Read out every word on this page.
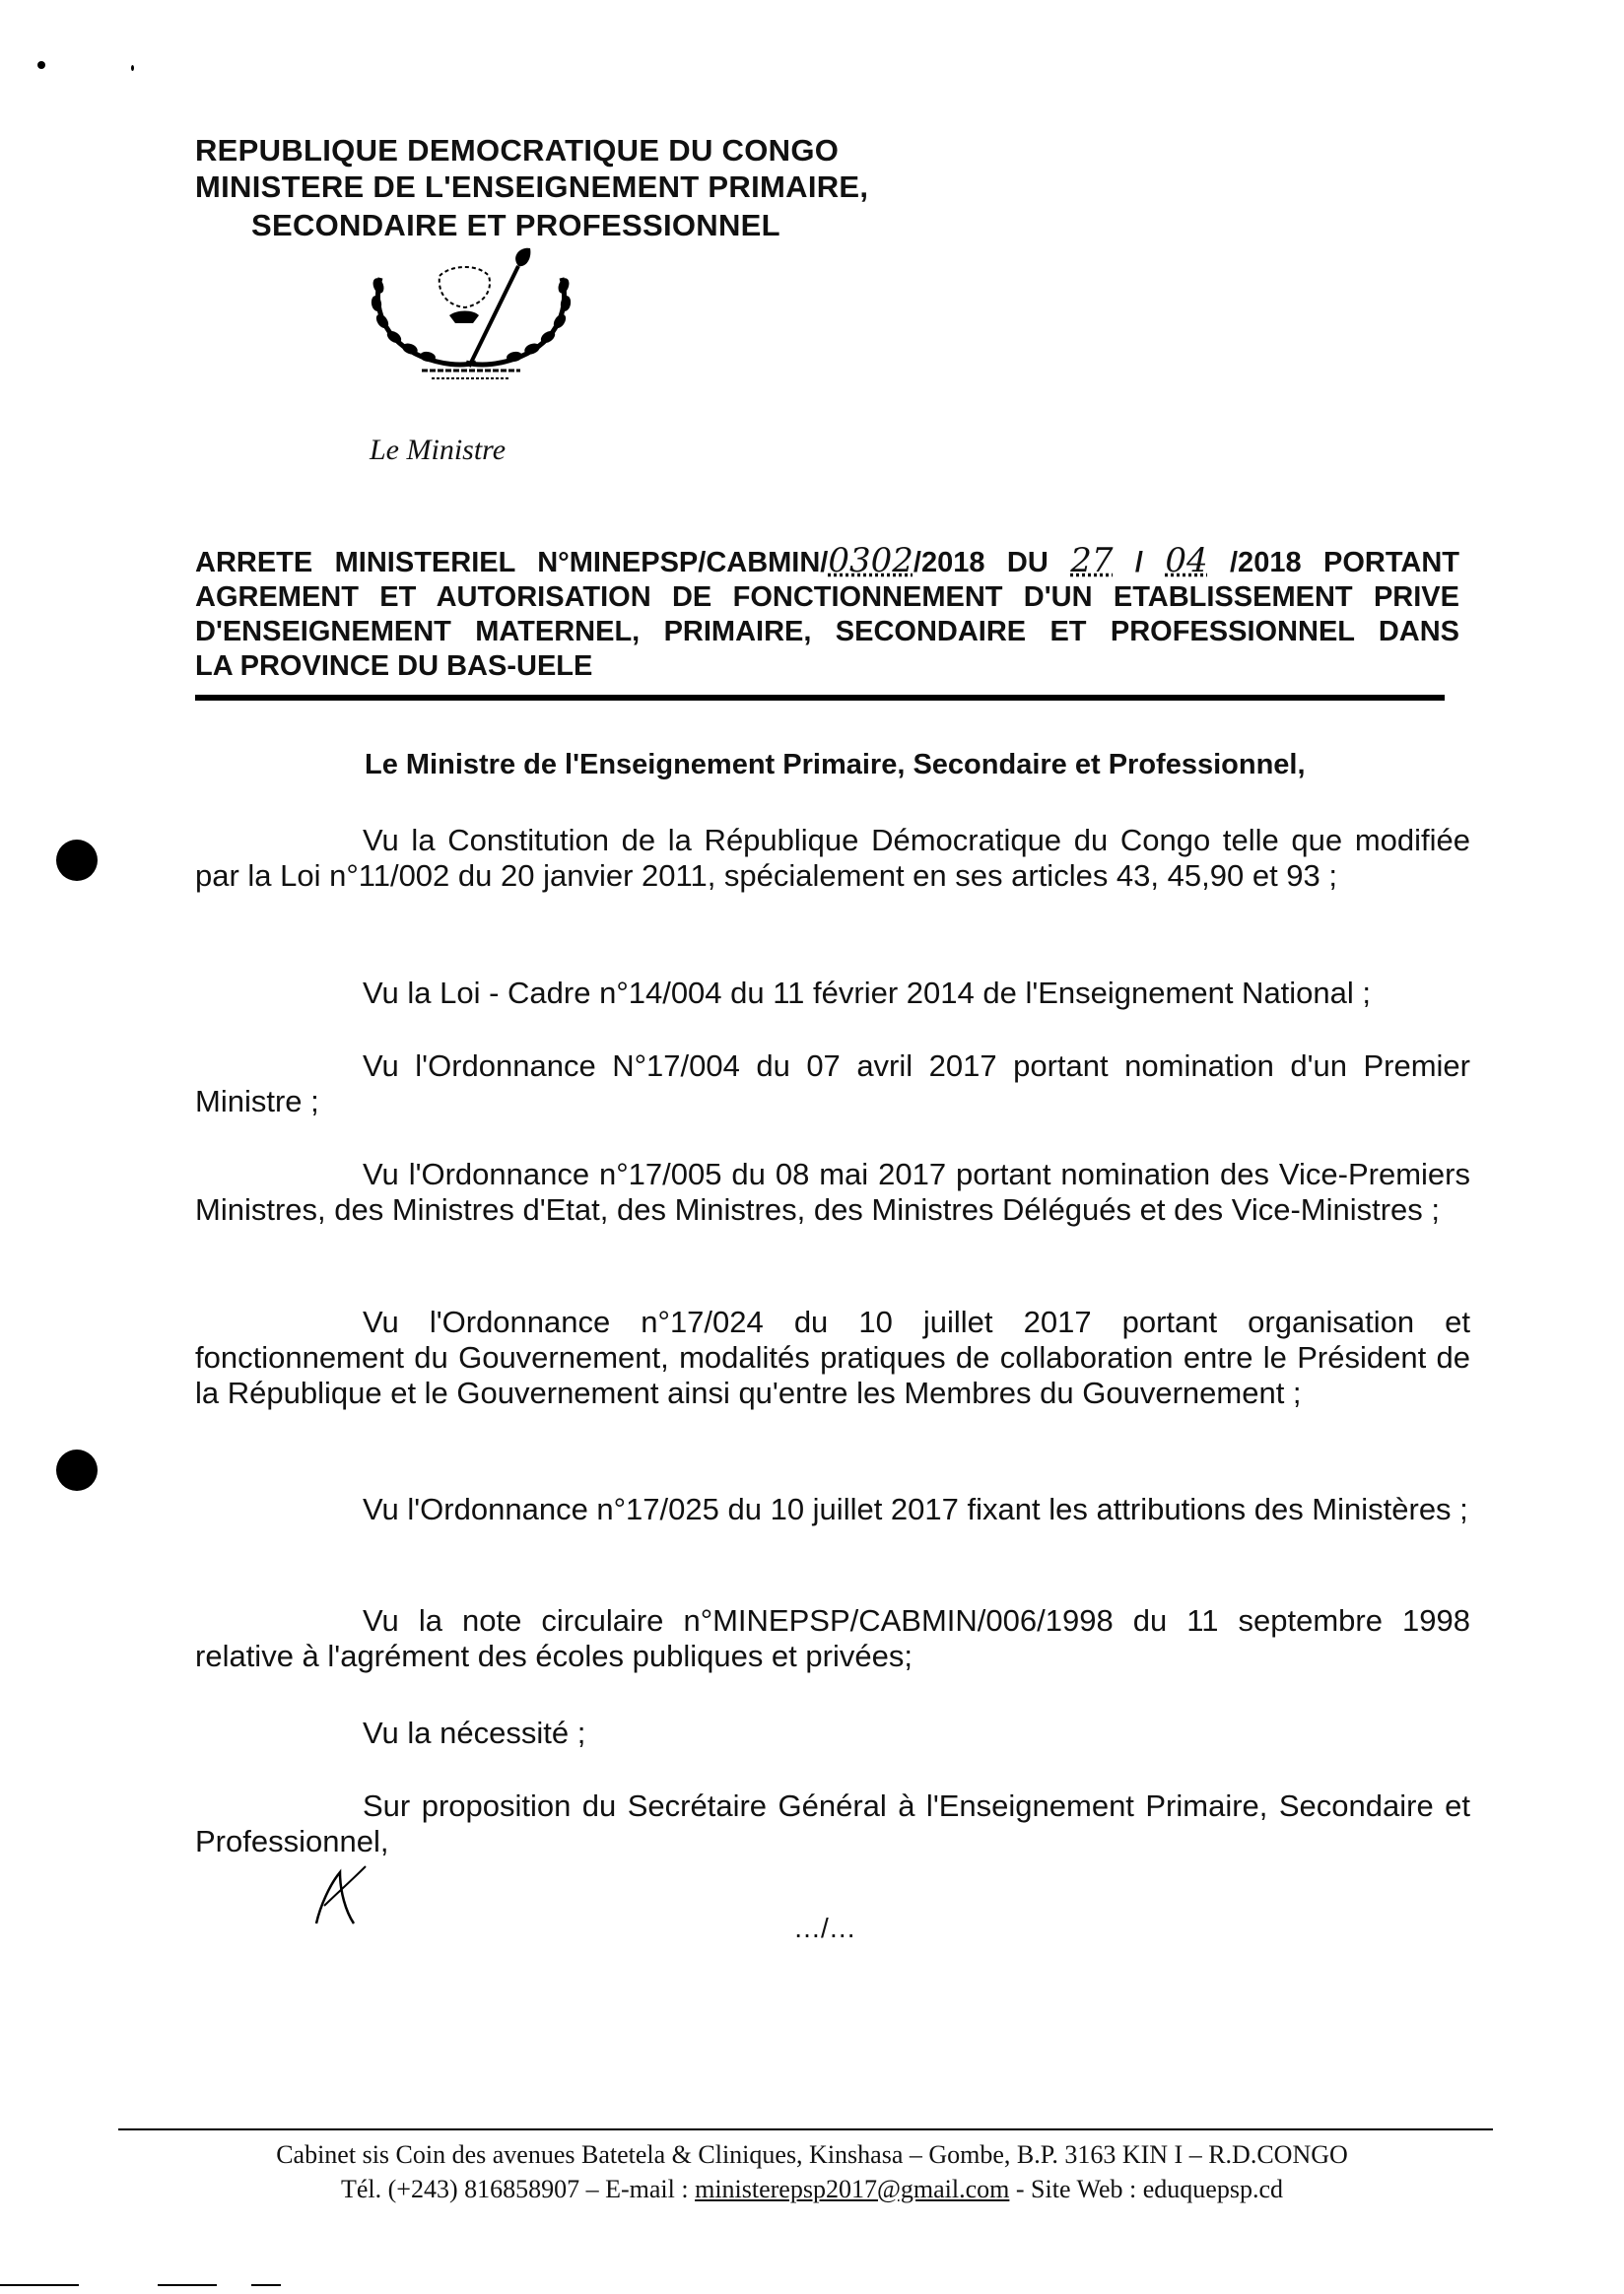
REPUBLIQUE DEMOCRATIQUE DU CONGO
MINISTERE DE L'ENSEIGNEMENT PRIMAIRE,
SECONDAIRE ET PROFESSIONNEL
Le Ministre
ARRETE MINISTERIEL N°MINEPSP/CABMIN/0302/2018 DU 27 / 04 /2018 PORTANT
AGREMENT ET AUTORISATION DE FONCTIONNEMENT D'UN ETABLISSEMENT PRIVE
D'ENSEIGNEMENT MATERNEL, PRIMAIRE, SECONDAIRE ET PROFESSIONNEL DANS
LA PROVINCE DU BAS-UELE
Le Ministre de l'Enseignement Primaire, Secondaire et Professionnel,
Vu la Constitution de la République Démocratique du Congo telle que modifiée par la Loi n°11/002 du 20 janvier 2011, spécialement en ses articles 43, 45,90 et 93 ;
Vu la Loi - Cadre n°14/004 du 11 février 2014 de l'Enseignement National ;
Vu l'Ordonnance N°17/004 du 07 avril 2017 portant nomination d'un Premier Ministre ;
Vu l'Ordonnance n°17/005 du 08 mai 2017 portant nomination des Vice-Premiers Ministres, des Ministres d'Etat, des Ministres, des Ministres Délégués et des Vice-Ministres ;
Vu l'Ordonnance n°17/024 du 10 juillet 2017 portant organisation et fonctionnement du Gouvernement, modalités pratiques de collaboration entre le Président de la République et le Gouvernement ainsi qu'entre les Membres du Gouvernement ;
Vu l'Ordonnance n°17/025 du 10 juillet 2017 fixant les attributions des Ministères ;
Vu la note circulaire n°MINEPSP/CABMIN/006/1998 du 11 septembre 1998 relative à l'agrément des écoles publiques et privées;
Vu la nécessité ;
Sur proposition du Secrétaire Général à l'Enseignement Primaire, Secondaire et Professionnel,
…/…
Cabinet sis Coin des avenues Batetela & Cliniques, Kinshasa – Gombe, B.P. 3163 KIN I – R.D.CONGO
Tél. (+243) 816858907 – E-mail : ministerepsp2017@gmail.com - Site Web : eduquepsp.cd
